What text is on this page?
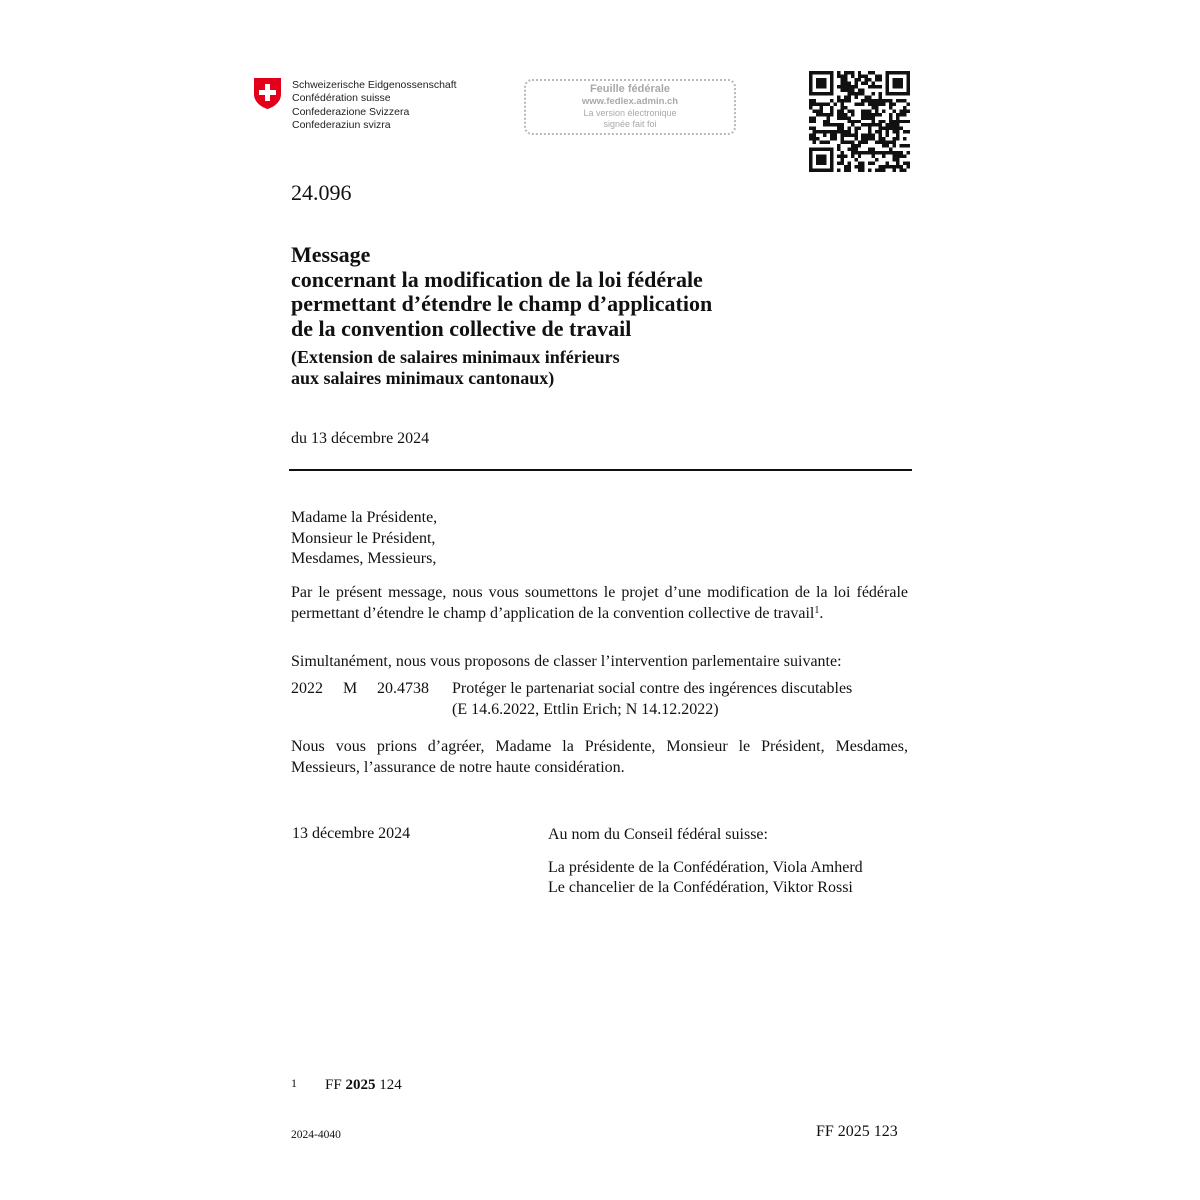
Schweizerische Eidgenossenschaft
Confédération suisse
Confederazione Svizzera
Confederaziun svizra
Feuille fédérale
www.fedlex.admin.ch
La version électronique
signée fait foi
24.096
Message
concernant la modification de la loi fédérale
permettant d’étendre le champ d’application
de la convention collective de travail
(Extension de salaires minimaux inférieurs
aux salaires minimaux cantonaux)
du 13 décembre 2024
Madame la Présidente,
Monsieur le Président,
Mesdames, Messieurs,
Par le présent message, nous vous soumettons le projet d’une modification de la loi fédérale permettant d’étendre le champ d’application de la convention collective de travail$^1$.
Simultanément, nous vous proposons de classer l’intervention parlementaire suivante:
2022 M 20.4738 Protéger le partenariat social contre des ingérences discutables
(E 14.6.2022, Ettlin Erich; N 14.12.2022)
Nous vous prions d’agréer, Madame la Présidente, Monsieur le Président, Mesdames, Messieurs, l’assurance de notre haute considération.
13 décembre 2024	Au nom du Conseil fédéral suisse:
La présidente de la Confédération, Viola Amherd
Le chancelier de la Confédération, Viktor Rossi
1 FF 2025 124
2024-4040	FF 2025 123
